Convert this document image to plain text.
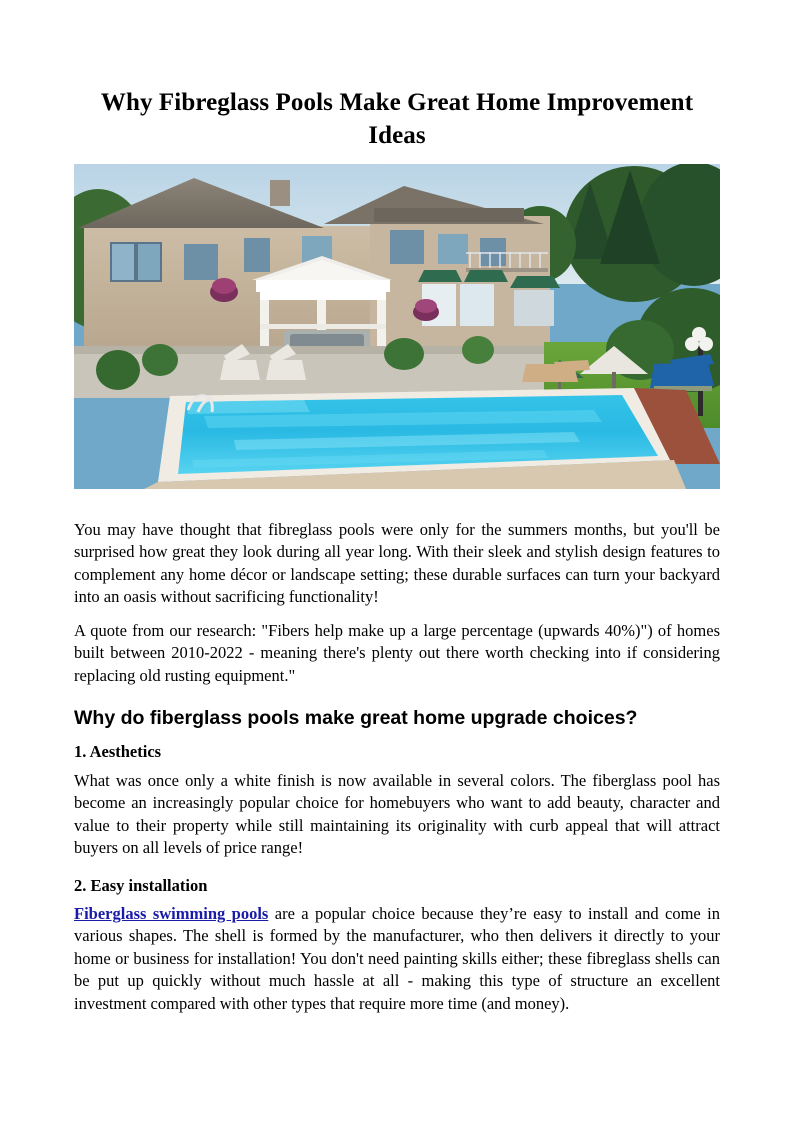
Why Fibreglass Pools Make Great Home Improvement Ideas

You may have thought that fibreglass pools were only for the summers months, but you'll be surprised how great they look during all year long. With their sleek and stylish design features to complement any home décor or landscape setting; these durable surfaces can turn your backyard into an oasis without sacrificing functionality!

A quote from our research: "Fibers help make up a large percentage (upwards 40%)") of homes built between 2010-2022 - meaning there's plenty out there worth checking into if considering replacing old rusting equipment."

Why do fiberglass pools make great home upgrade choices?
1. Aesthetics

What was once only a white finish is now available in several colors. The fiberglass pool has become an increasingly popular choice for homebuyers who want to add beauty, character and value to their property while still maintaining its originality with curb appeal that will attract buyers on all levels of price range!

2. Easy installation

Fiberglass swimming pools are a popular choice because they’re easy to install and come in various shapes. The shell is formed by the manufacturer, who then delivers it directly to your home or business for installation! You don't need painting skills either; these fibreglass shells can be put up quickly without much hassle at all - making this type of structure an excellent investment compared with other types that require more time (and money).
